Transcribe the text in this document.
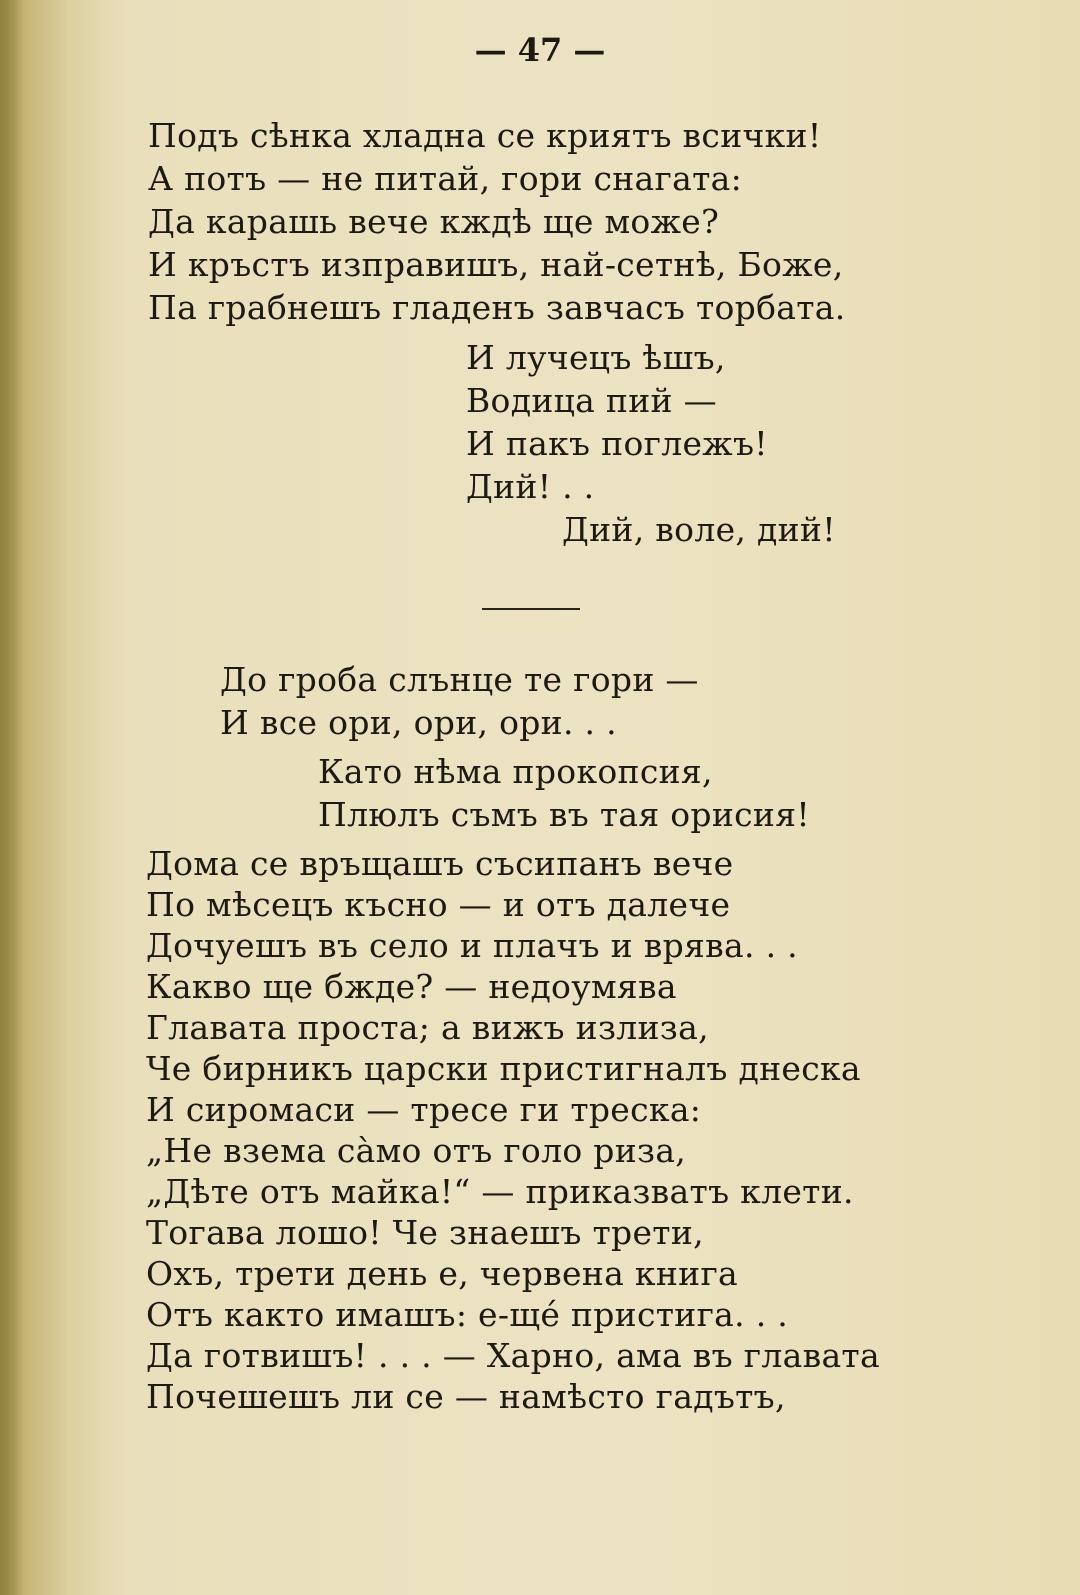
— 47 —
Подъ сѣнка хладна се криятъ всички!
А потъ — не питай, гори снагата:
Да карашь вече кждѣ ще може?
И кръстъ изправишъ, най-сетнѣ, Боже,
Па грабнешъ гладенъ завчасъ торбата.
И лучецъ ѣшъ,
Водица пий —
И пакъ поглежъ!
Дий! . .
Дий, воле, дий!
До гроба слънце те гори —
И все ори, ори, ори. . .
Като нѣма прокопсия,
Плюлъ съмъ въ тая орисия!
Дома се връщашъ съсипанъ вече
По мѣсецъ късно — и отъ далече
Дочуешъ въ село и плачъ и врява. . .
Какво ще бжде? — недоумява
Главата проста; а вижъ излиза,
Че бирникъ царски пристигналъ днеска
И сиромаси — тресе ги треска:
„Не взема сàмо отъ голо риза,
„Дѣте отъ майка!“ — приказватъ клети.
Тогава лошо! Че знаешъ трети,
Охъ, трети день е, червена книга
Отъ както имашъ: е-щé пристига. . .
Да готвишъ! . . . — Харно, ама въ главата
Почешешъ ли се — намѣсто гадътъ,
